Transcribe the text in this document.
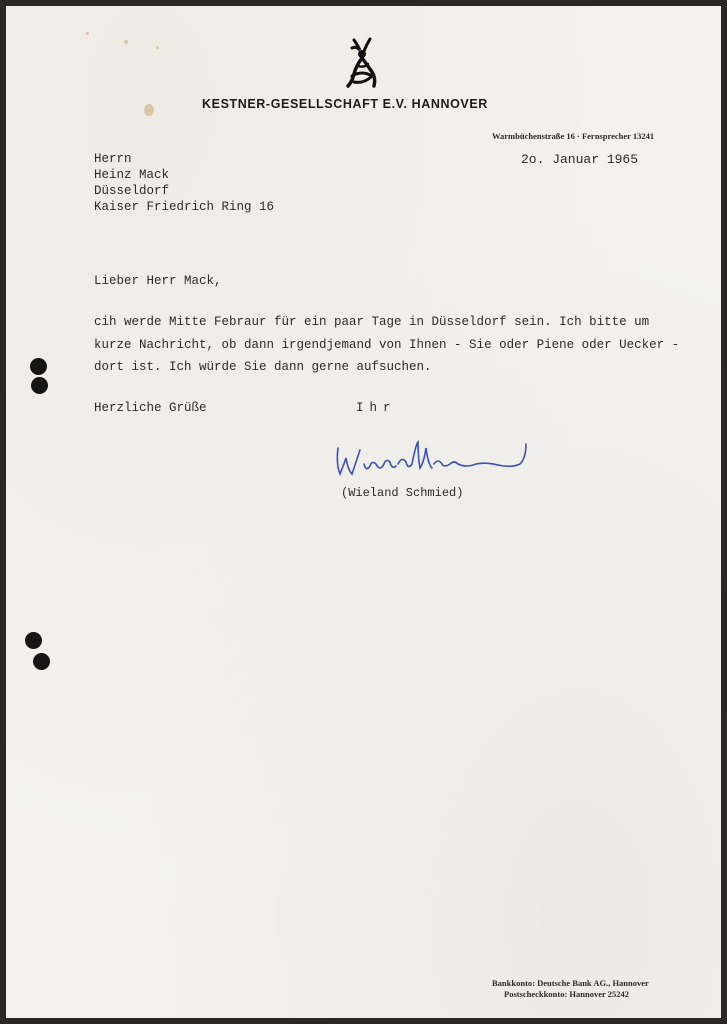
KESTNER-GESELLSCHAFT E.V. HANNOVER
Warmbüchenstraße 16 · Fernsprecher 13241
2o. Januar 1965
Herrn
Heinz Mack
Düsseldorf
Kaiser Friedrich Ring 16
Lieber Herr Mack,
cih werde Mitte Febraur für ein paar Tage in Düsseldorf sein. Ich bitte um
kurze Nachricht, ob dann irgendjemand von Ihnen - Sie oder Piene oder Uecker -
dort ist. Ich würde Sie dann gerne aufsuchen.
Herzliche Grüße	Ihr
(Wieland Schmied)
Bankkonto: Deutsche Bank AG., Hannover
Postscheckkonto: Hannover 25242
